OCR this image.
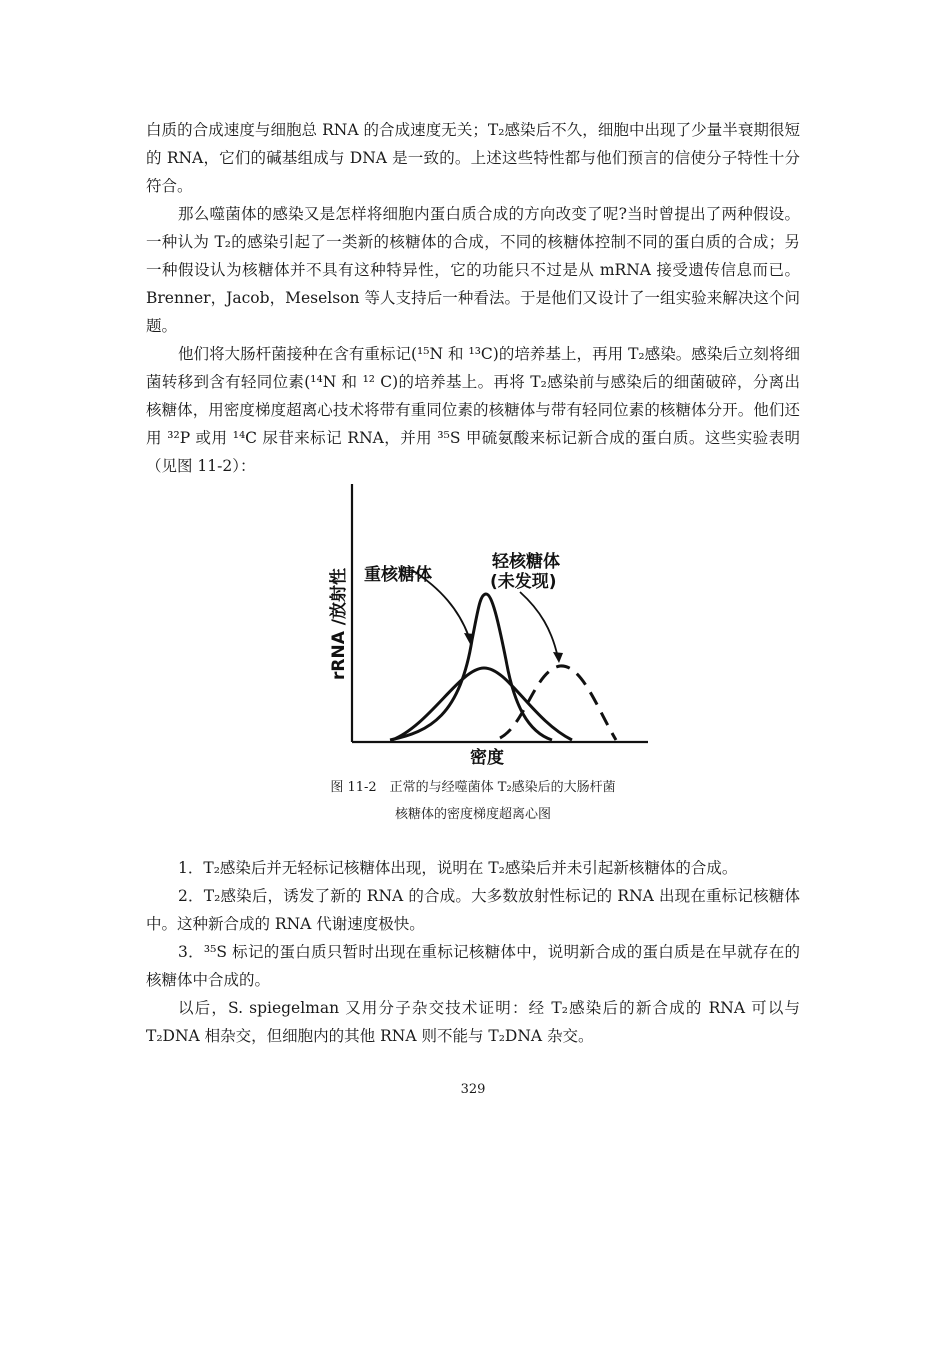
白质的合成速度与细胞总 RNA 的合成速度无关；T₂感染后不久，细胞中出现了少量半衰期很短的 RNA，它们的碱基组成与 DNA 是一致的。上述这些特性都与他们预言的信使分子特性十分符合。

那么噬菌体的感染又是怎样将细胞内蛋白质合成的方向改变了呢?当时曾提出了两种假设。一种认为 T₂的感染引起了一类新的核糖体的合成，不同的核糖体控制不同的蛋白质的合成；另一种假设认为核糖体并不具有这种特异性，它的功能只不过是从 mRNA 接受遗传信息而已。Brenner，Jacob，Meselson 等人支持后一种看法。于是他们又设计了一组实验来解决这个问题。

他们将大肠杆菌接种在含有重标记(¹⁵N 和 ¹³C)的培养基上，再用 T₂感染。感染后立刻将细菌转移到含有轻同位素(¹⁴N 和 ¹² C)的培养基上。再将 T₂感染前与感染后的细菌破碎，分离出核糖体，用密度梯度超离心技术将带有重同位素的核糖体与带有轻同位素的核糖体分开。他们还用 ³²P 或用 ¹⁴C 尿苷来标记 RNA，并用 ³⁵S 甲硫氨酸来标记新合成的蛋白质。这些实验表明（见图 11-2）：

重核糖体
轻核糖体
(未发现)
rRNA /放射性
密度
图 11-2　正常的与经噬菌体 T₂感染后的大肠杆菌
核糖体的密度梯度超离心图

1．T₂感染后并无轻标记核糖体出现，说明在 T₂感染后并未引起新核糖体的合成。

2．T₂感染后，诱发了新的 RNA 的合成。大多数放射性标记的 RNA 出现在重标记核糖体中。这种新合成的 RNA 代谢速度极快。

3．³⁵S 标记的蛋白质只暂时出现在重标记核糖体中，说明新合成的蛋白质是在早就存在的核糖体中合成的。

以后，S. spiegelman 又用分子杂交技术证明：经 T₂感染后的新合成的 RNA 可以与 T₂DNA 相杂交，但细胞内的其他 RNA 则不能与 T₂DNA 杂交。

329
